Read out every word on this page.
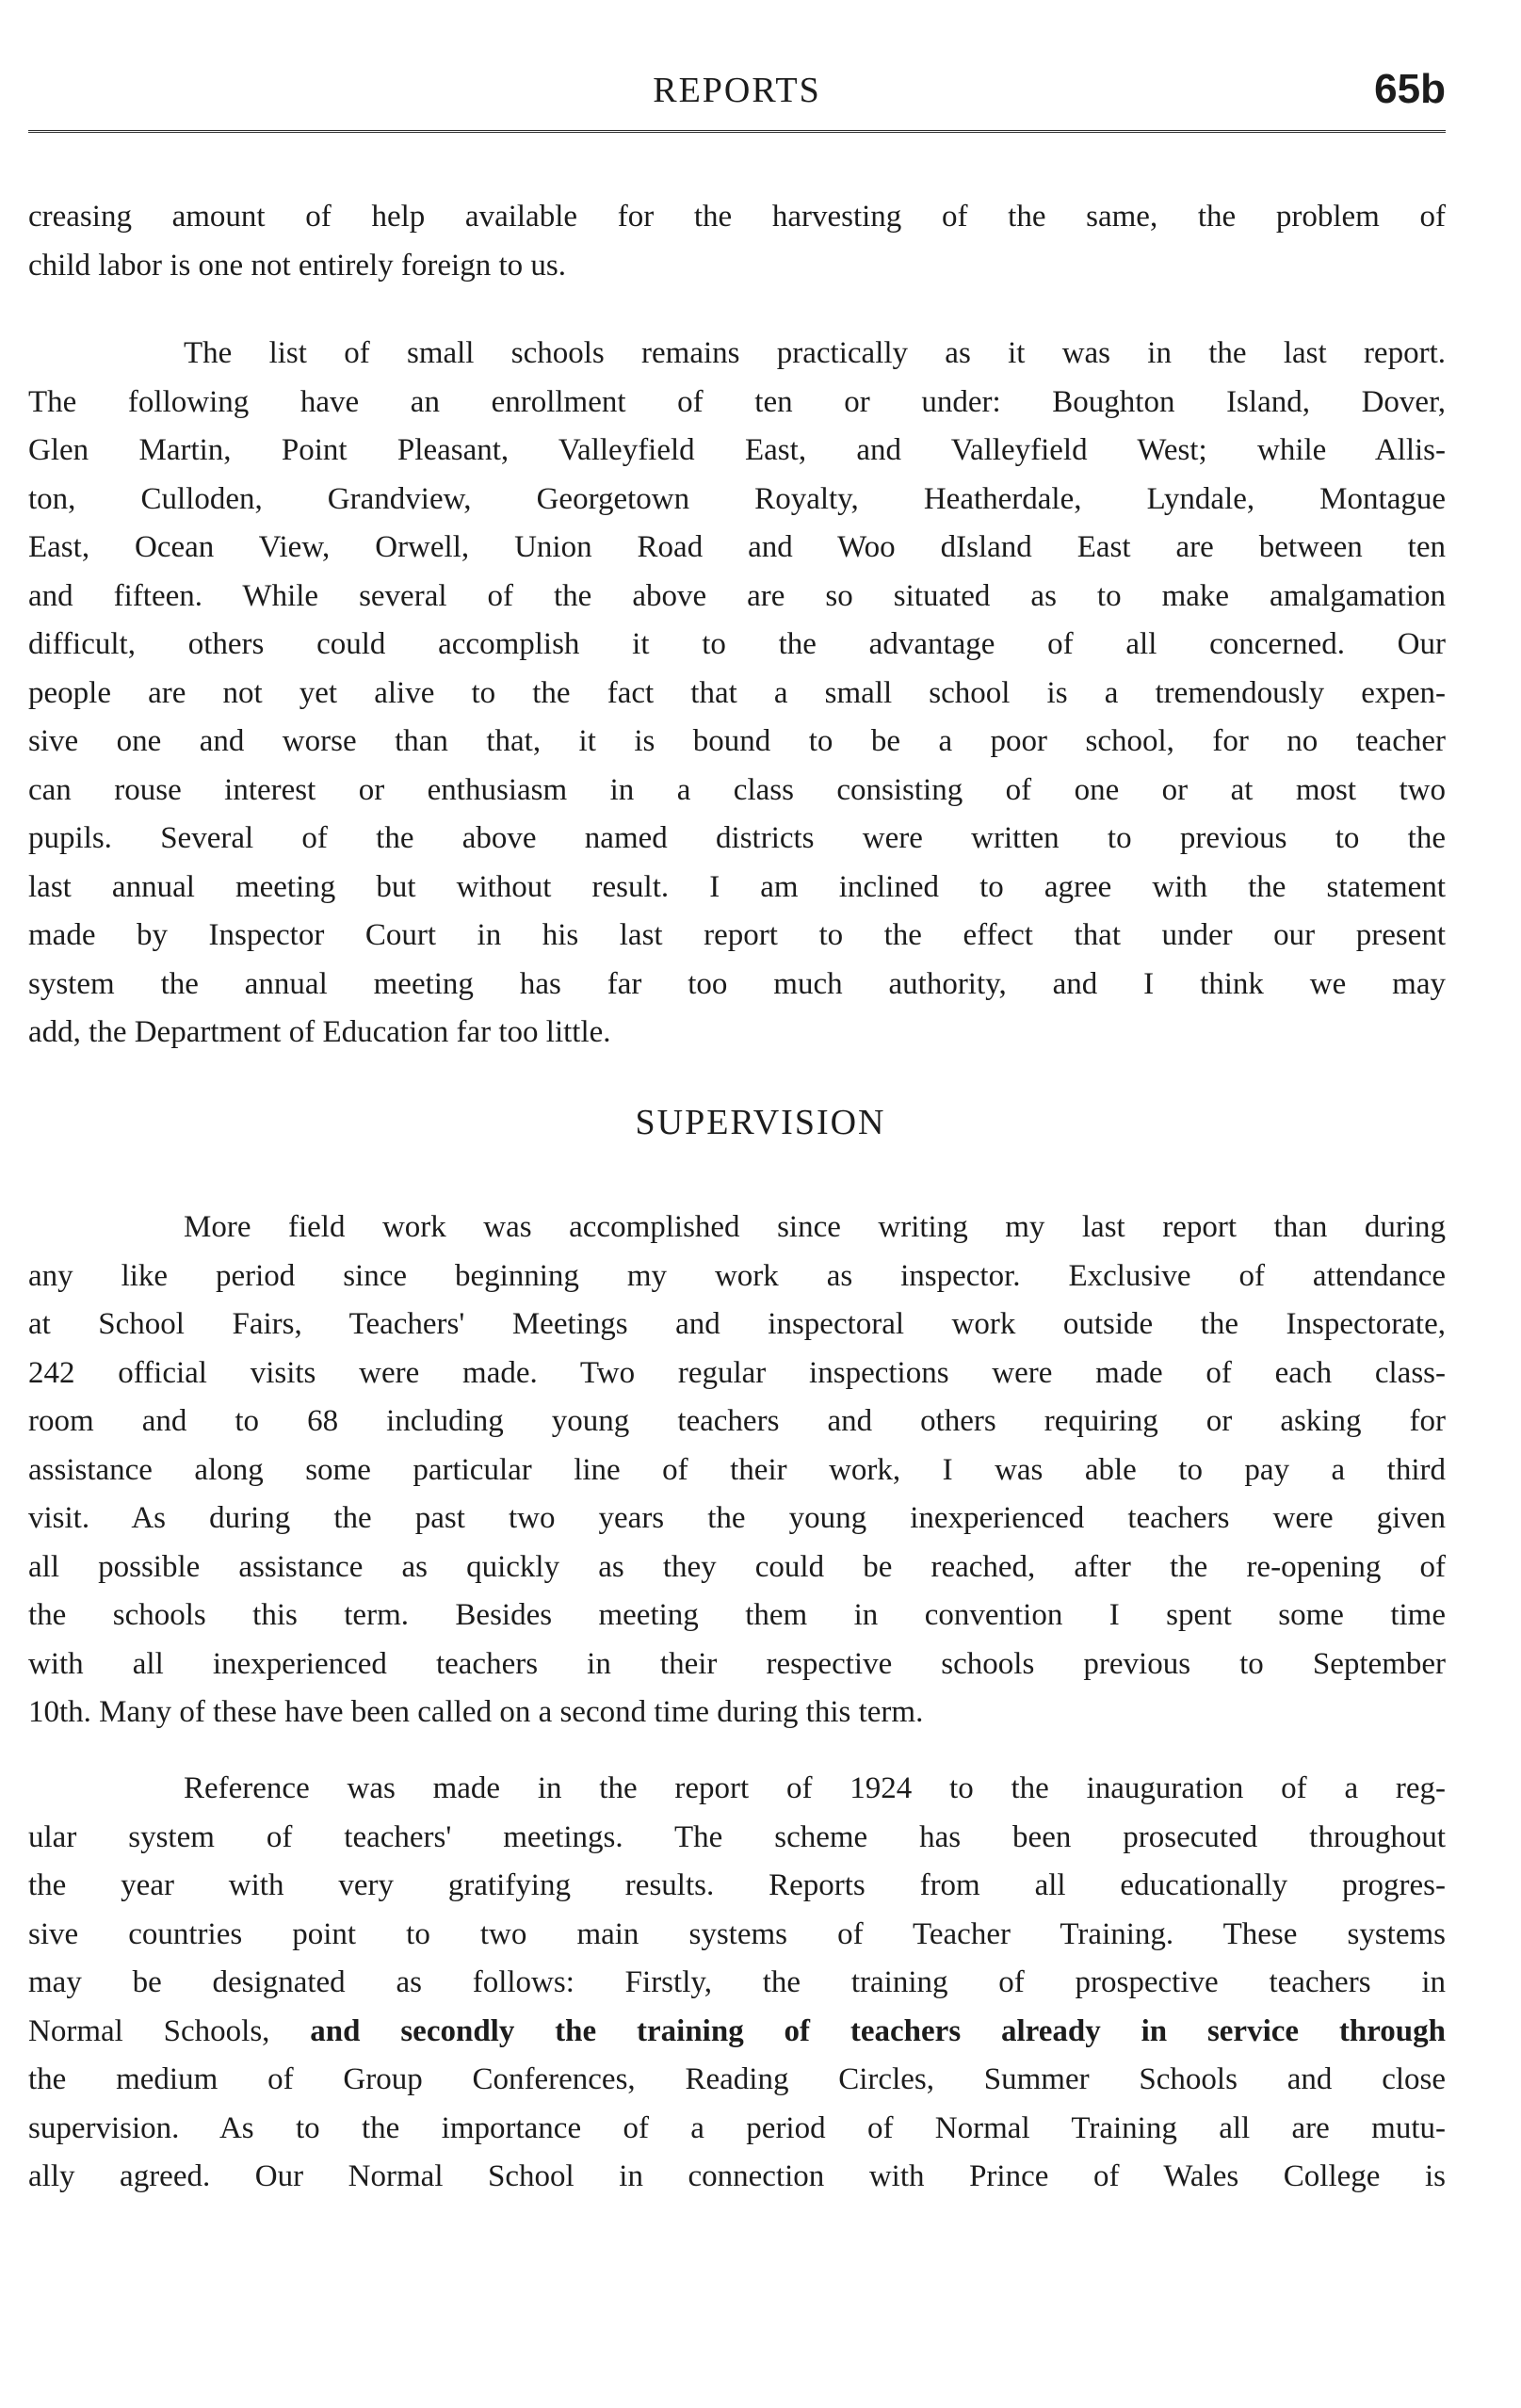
REPORTS	65b

creasing amount of help available for the harvesting of the same, the problem of
child labor is one not entirely foreign to us.

The list of small schools remains practically as it was in the last report.
The following have an enrollment of ten or under: Boughton Island, Dover,
Glen Martin, Point Pleasant, Valleyfield East, and Valleyfield West; while Allis-
ton, Culloden, Grandview, Georgetown Royalty, Heatherdale, Lyndale, Montague
East, Ocean View, Orwell, Union Road and Woo dIsland East are between ten
and fifteen. While several of the above are so situated as to make amalgamation
difficult, others could accomplish it to the advantage of all concerned. Our
people are not yet alive to the fact that a small school is a tremendously expen-
sive one and worse than that, it is bound to be a poor school, for no teacher
can rouse interest or enthusiasm in a class consisting of one or at most two
pupils. Several of the above named districts were written to previous to the
last annual meeting but without result. I am inclined to agree with the statement
made by Inspector Court in his last report to the effect that under our present
system the annual meeting has far too much authority, and I think we may
add, the Department of Education far too little.

SUPERVISION

More field work was accomplished since writing my last report than during
any like period since beginning my work as inspector. Exclusive of attendance
at School Fairs, Teachers' Meetings and inspectoral work outside the Inspectorate,
242 official visits were made. Two regular inspections were made of each class-
room and to 68 including young teachers and others requiring or asking for
assistance along some particular line of their work, I was able to pay a third
visit. As during the past two years the young inexperienced teachers were given
all possible assistance as quickly as they could be reached, after the re-opening of
the schools this term. Besides meeting them in convention I spent some time
with all inexperienced teachers in their respective schools previous to September
10th. Many of these have been called on a second time during this term.

Reference was made in the report of 1924 to the inauguration of a reg-
ular system of teachers' meetings. The scheme has been prosecuted throughout
the year with very gratifying results. Reports from all educationally progres-
sive countries point to two main systems of Teacher Training. These systems
may be designated as follows: Firstly, the training of prospective teachers in
Normal Schools, and secondly the training of teachers already in service through
the medium of Group Conferences, Reading Circles, Summer Schools and close
supervision. As to the importance of a period of Normal Training all are mutu-
ally agreed. Our Normal School in connection with Prince of Wales College is
